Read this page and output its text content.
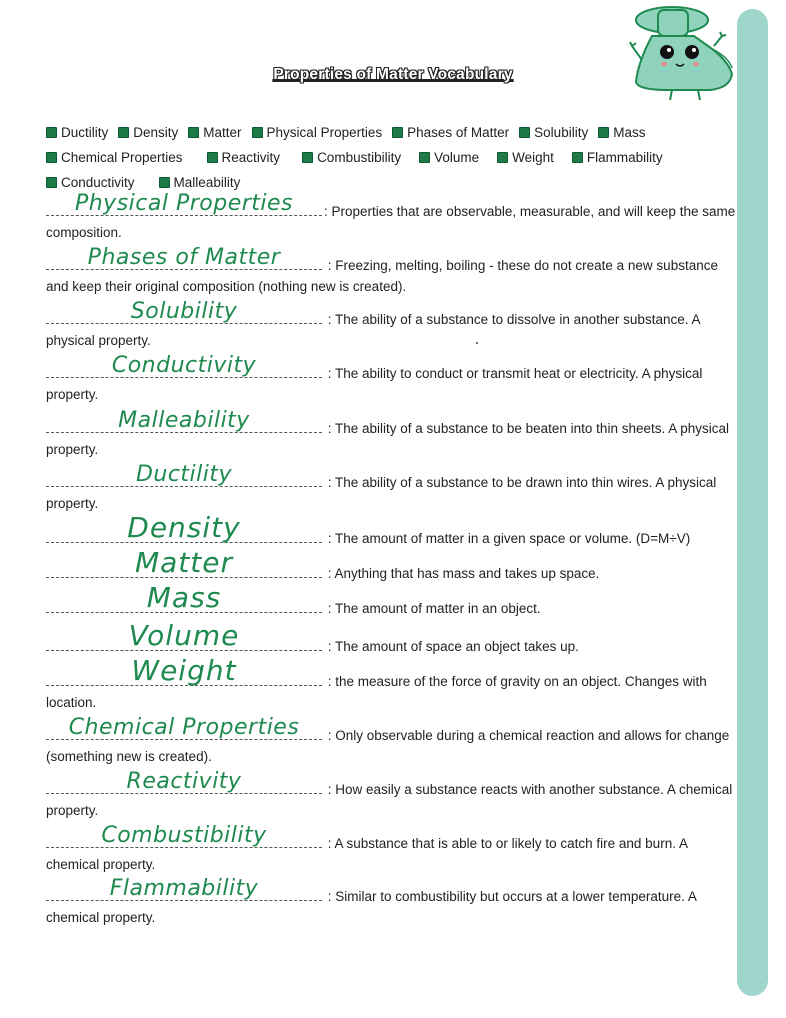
Properties of Matter Vocabulary
Ductility Density Matter Physical Properties Phases of Matter Solubility Mass
Chemical Properties	Reactivity	Combustibility Volume Weight Flammability
Conductivity	Malleability
Physical Properties	: Properties that are observable, measurable, and will keep the same composition.
Phases of Matter	: Freezing, melting, boiling - these do not create a new substance and keep their original composition (nothing new is created).
Solubility	: The ability of a substance to dissolve in another substance. A physical property.
Conductivity	: The ability to conduct or transmit heat or electricity. A physical property.
Malleability	: The ability of a substance to be beaten into thin sheets. A physical property.
Ductility	: The ability of a substance to be drawn into thin wires. A physical property.
Density	: The amount of matter in a given space or volume. (D=M÷V)
Matter	: Anything that has mass and takes up space.
Mass	: The amount of matter in an object.
Volume	: The amount of space an object takes up.
Weight	: the measure of the force of gravity on an object. Changes with location.
Chemical Properties	: Only observable during a chemical reaction and allows for change (something new is created).
Reactivity	: How easily a substance reacts with another substance. A chemical property.
Combustibility	: A substance that is able to or likely to catch fire and burn. A chemical property.
Flammability	: Similar to combustibility but occurs at a lower temperature. A chemical property.
